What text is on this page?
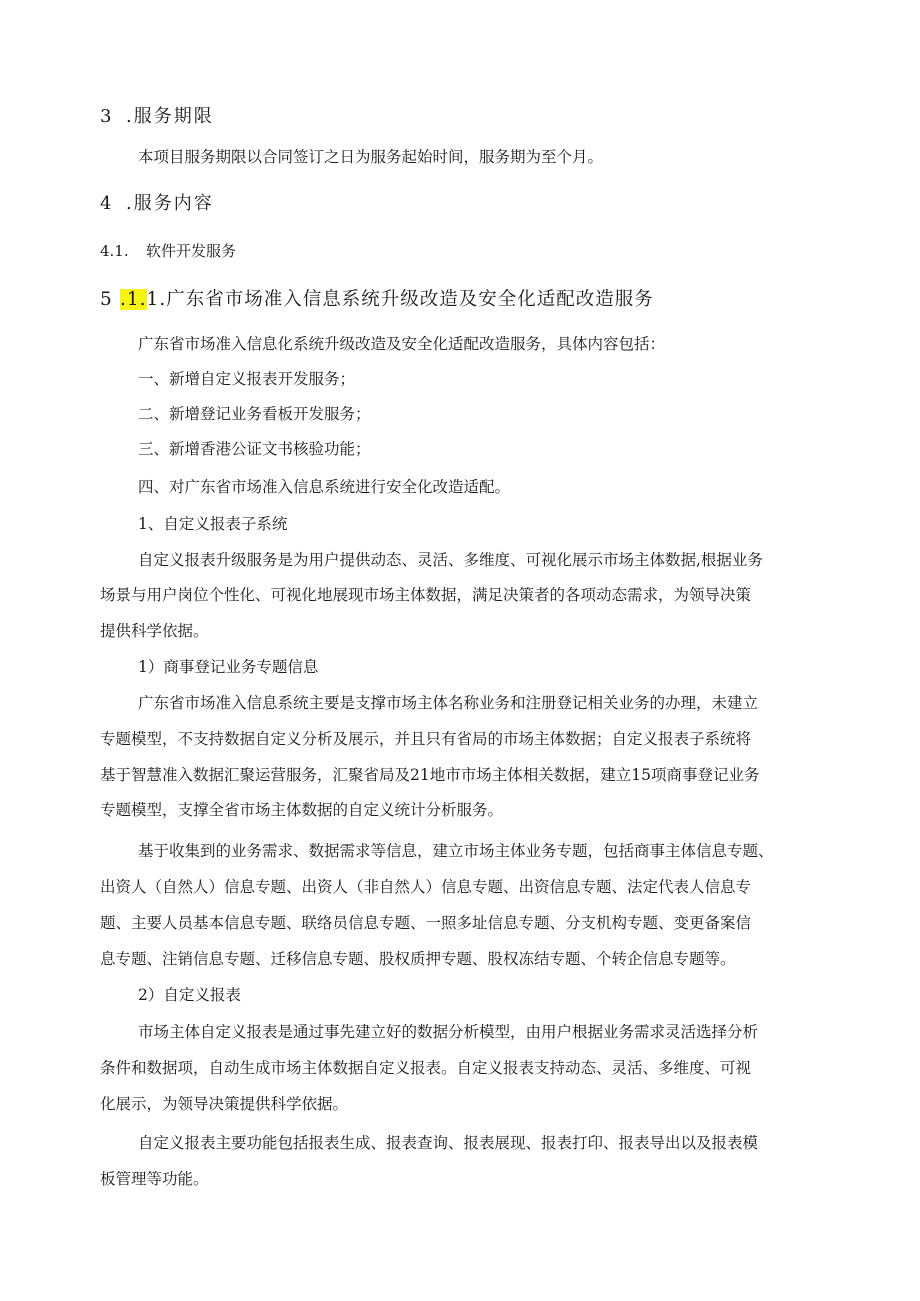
3 .服务期限
本项目服务期限以合同签订之日为服务起始时间，服务期为至个月。
4 .服务内容
4.1. 软件开发服务
5 .1.1.广东省市场准入信息系统升级改造及安全化适配改造服务
广东省市场准入信息化系统升级改造及安全化适配改造服务，具体内容包括：
一、新增自定义报表开发服务；
二、新增登记业务看板开发服务；
三、新增香港公证文书核验功能；
四、对广东省市场准入信息系统进行安全化改造适配。
1、自定义报表子系统
自定义报表升级服务是为用户提供动态、灵活、多维度、可视化展示市场主体数据,根据业务
场景与用户岗位个性化、可视化地展现市场主体数据，满足决策者的各项动态需求，为领导决策
提供科学依据。
1）商事登记业务专题信息
广东省市场准入信息系统主要是支撑市场主体名称业务和注册登记相关业务的办理，未建立
专题模型，不支持数据自定义分析及展示，并且只有省局的市场主体数据；自定义报表子系统将
基于智慧准入数据汇聚运营服务，汇聚省局及21地市市场主体相关数据，建立15项商事登记业务
专题模型，支撑全省市场主体数据的自定义统计分析服务。
基于收集到的业务需求、数据需求等信息，建立市场主体业务专题，包括商事主体信息专题、
出资人（自然人）信息专题、出资人（非自然人）信息专题、出资信息专题、法定代表人信息专
题、主要人员基本信息专题、联络员信息专题、一照多址信息专题、分支机构专题、变更备案信
息专题、注销信息专题、迁移信息专题、股权质押专题、股权冻结专题、个转企信息专题等。
2）自定义报表
市场主体自定义报表是通过事先建立好的数据分析模型，由用户根据业务需求灵活选择分析
条件和数据项，自动生成市场主体数据自定义报表。自定义报表支持动态、灵活、多维度、可视
化展示，为领导决策提供科学依据。
自定义报表主要功能包括报表生成、报表查询、报表展现、报表打印、报表导出以及报表模
板管理等功能。
